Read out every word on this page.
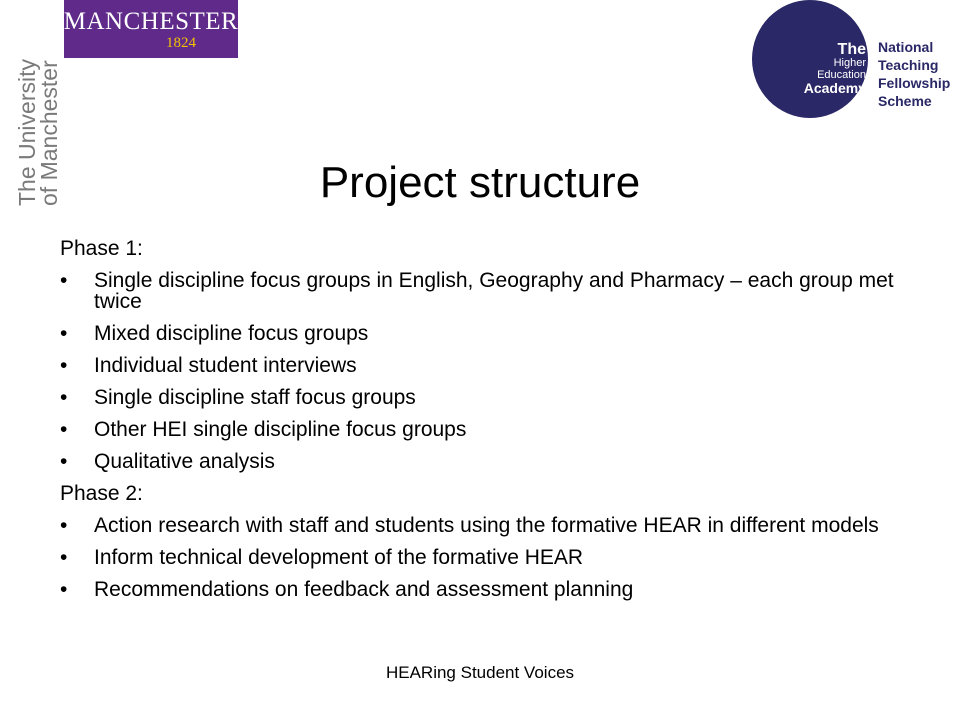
MANCHESTER
1824
The University
of Manchester
The
Higher
Education
Academy
National
Teaching
Fellowship
Scheme
Project structure
Phase 1:
•	Single discipline focus groups in English, Geography and Pharmacy – each group met twice
•	Mixed discipline focus groups
•	Individual student interviews
•	Single discipline staff focus groups
•	Other HEI single discipline focus groups
•	Qualitative analysis
Phase 2:
•	Action research with staff and students using the formative HEAR in different models
•	Inform technical development of the formative HEAR
•	Recommendations on feedback and assessment planning
HEARing Student Voices
